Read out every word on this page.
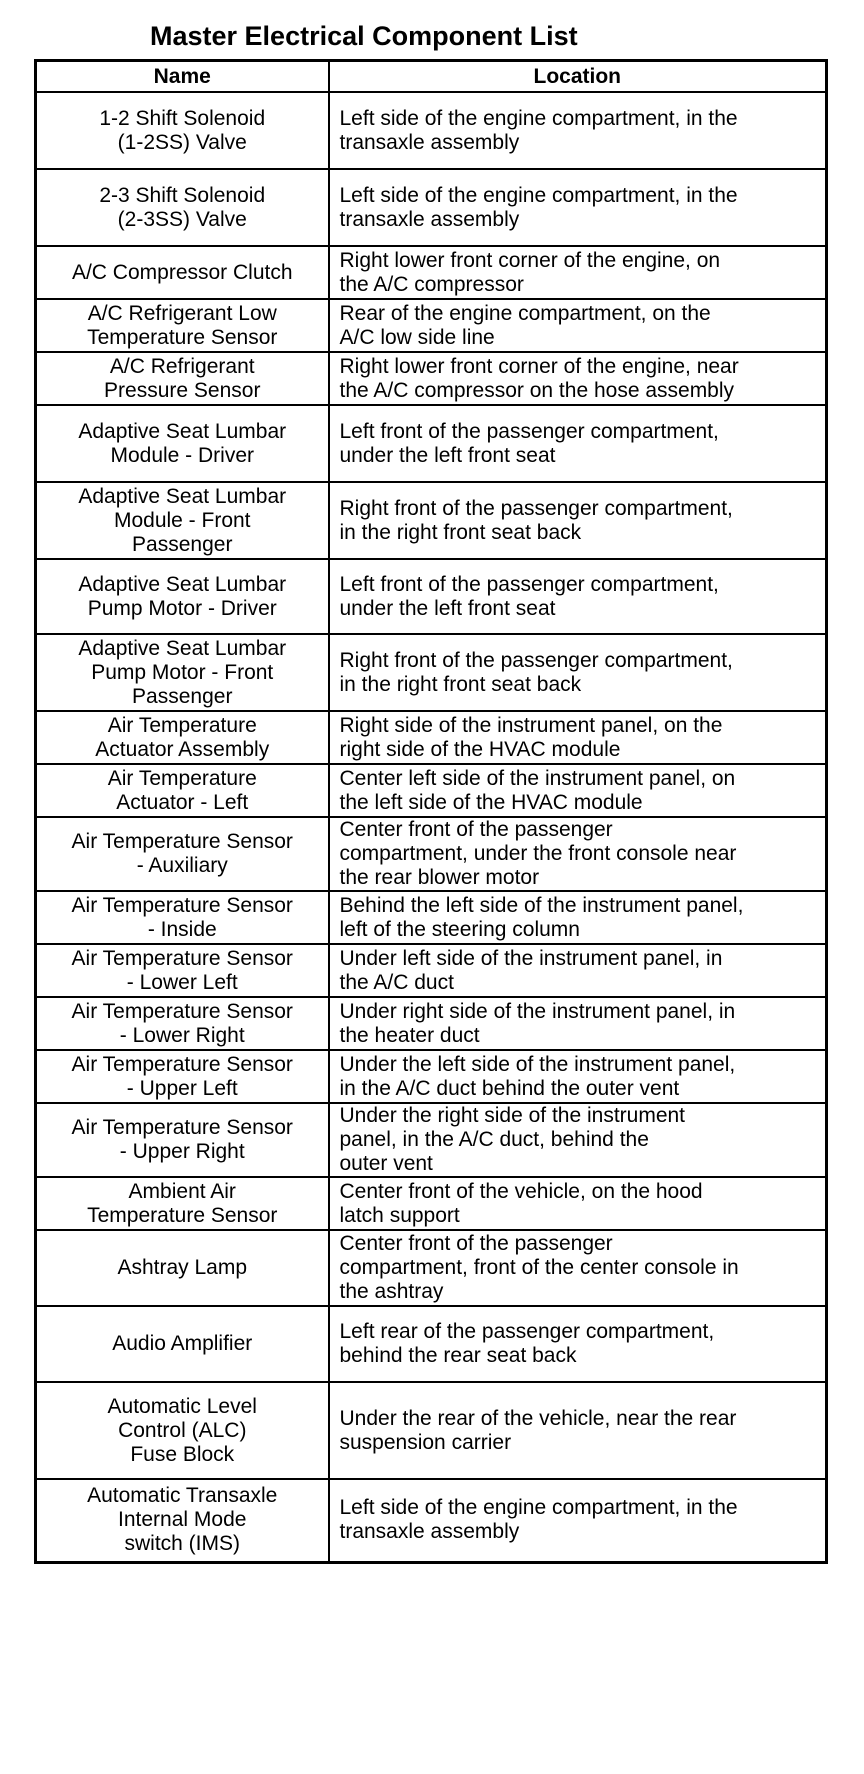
Master Electrical Component List
Name	Location

1-2 Shift Solenoid
(1-2SS) Valve	Left side of the engine compartment, in the
transaxle assembly

2-3 Shift Solenoid
(2-3SS) Valve	Left side of the engine compartment, in the
transaxle assembly

A/C Compressor Clutch	Right lower front corner of the engine, on
the A/C compressor

A/C Refrigerant Low
Temperature Sensor	Rear of the engine compartment, on the
A/C low side line

A/C Refrigerant
Pressure Sensor	Right lower front corner of the engine, near
the A/C compressor on the hose assembly

Adaptive Seat Lumbar
Module - Driver	Left front of the passenger compartment,
under the left front seat

Adaptive Seat Lumbar
Module - Front
Passenger	Right front of the passenger compartment,
in the right front seat back

Adaptive Seat Lumbar
Pump Motor - Driver	Left front of the passenger compartment,
under the left front seat

Adaptive Seat Lumbar
Pump Motor - Front
Passenger	Right front of the passenger compartment,
in the right front seat back

Air Temperature
Actuator Assembly	Right side of the instrument panel, on the
right side of the HVAC module

Air Temperature
Actuator - Left	Center left side of the instrument panel, on
the left side of the HVAC module

Air Temperature Sensor
- Auxiliary	Center front of the passenger
compartment, under the front console near
the rear blower motor

Air Temperature Sensor
- Inside	Behind the left side of the instrument panel,
left of the steering column

Air Temperature Sensor
- Lower Left	Under left side of the instrument panel, in
the A/C duct

Air Temperature Sensor
- Lower Right	Under right side of the instrument panel, in
the heater duct

Air Temperature Sensor
- Upper Left	Under the left side of the instrument panel,
in the A/C duct behind the outer vent

Air Temperature Sensor
- Upper Right	Under the right side of the instrument
panel, in the A/C duct, behind the
outer vent

Ambient Air
Temperature Sensor	Center front of the vehicle, on the hood
latch support

Ashtray Lamp	Center front of the passenger
compartment, front of the center console in
the ashtray

Audio Amplifier	Left rear of the passenger compartment,
behind the rear seat back

Automatic Level
Control (ALC)
Fuse Block	Under the rear of the vehicle, near the rear
suspension carrier

Automatic Transaxle
Internal Mode
switch (IMS)	Left side of the engine compartment, in the
transaxle assembly
